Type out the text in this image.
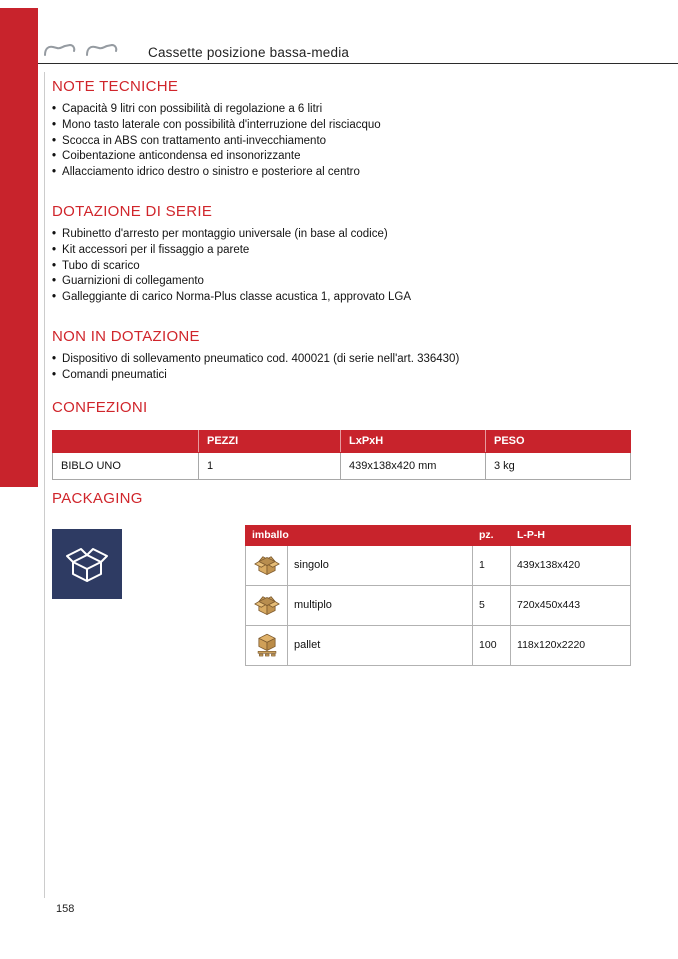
Cassette posizione bassa-media
NOTE TECNICHE
• Capacità 9 litri con possibilità di regolazione a 6 litri
• Mono tasto laterale con possibilità d'interruzione del risciacquo
• Scocca in ABS con trattamento anti-invecchiamento
• Coibentazione anticondensa ed insonorizzante
• Allacciamento idrico destro o sinistro e posteriore al centro
DOTAZIONE DI SERIE
• Rubinetto d'arresto per montaggio universale (in base al codice)
• Kit accessori per il fissaggio a parete
• Tubo di scarico
• Guarnizioni di collegamento
• Galleggiante di carico Norma-Plus classe acustica 1, approvato LGA
NON IN DOTAZIONE
• Dispositivo di sollevamento pneumatico cod. 400021 (di serie nell'art. 336430)
• Comandi pneumatici
CONFEZIONI
	PEZZI	LxPxH	PESO
BIBLO UNO	1	439x138x420 mm	3 kg
PACKAGING
imballo		pz.	L-P-H
	singolo	1	439x138x420
	multiplo	5	720x450x443
	pallet	100	118x120x2220
158
